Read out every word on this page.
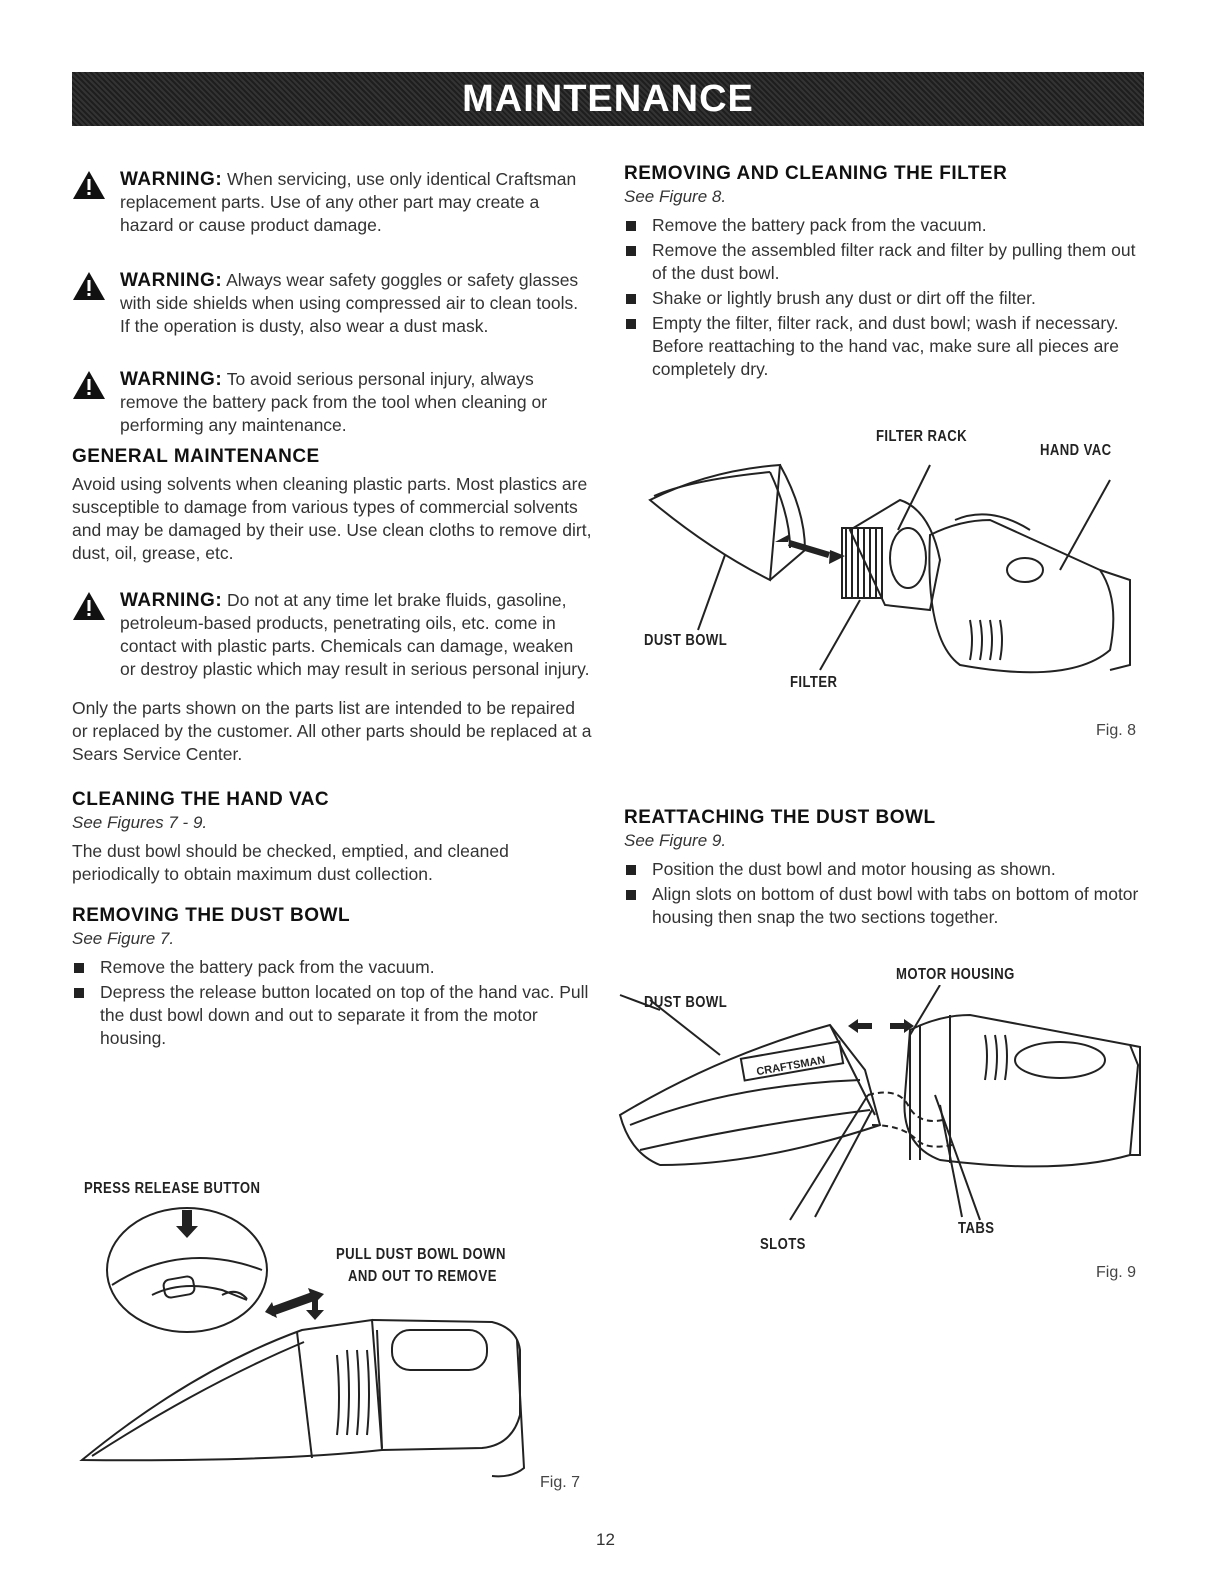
MAINTENANCE

WARNING: When servicing, use only identical Craftsman replacement parts. Use of any other part may create a hazard or cause product damage.

WARNING: Always wear safety goggles or safety glasses with side shields when using compressed air to clean tools. If the operation is dusty, also wear a dust mask.

WARNING: To avoid serious personal injury, always remove the battery pack from the tool when cleaning or performing any maintenance.

GENERAL MAINTENANCE

Avoid using solvents when cleaning plastic parts. Most plastics are susceptible to damage from various types of commercial solvents and may be damaged by their use. Use clean cloths to remove dirt, dust, oil, grease, etc.

WARNING: Do not at any time let brake fluids, gasoline, petroleum-based products, penetrating oils, etc. come in contact with plastic parts. Chemicals can damage, weaken or destroy plastic which may result in serious personal injury.

Only the parts shown on the parts list are intended to be repaired or replaced by the customer. All other parts should be replaced at a Sears Service Center.

CLEANING THE HAND VAC

See Figures 7 - 9.

The dust bowl should be checked, emptied, and cleaned periodically to obtain maximum dust collection.

REMOVING THE DUST BOWL

See Figure 7.

Remove the battery pack from the vacuum.
Depress the release button located on top of the hand vac. Pull the dust bowl down and out to separate it from the motor housing.
PRESS RELEASE BUTTON
PULL DUST BOWL DOWN
AND OUT TO REMOVE
Fig. 7
REMOVING AND CLEANING THE FILTER

See Figure 8.

Remove the battery pack from the vacuum.
Remove the assembled filter rack and filter by pulling them out of the dust bowl.
Shake or lightly brush any dust or dirt off the filter.
Empty the filter, filter rack, and dust bowl; wash if necessary. Before reattaching to the hand vac, make sure all pieces are completely dry.
FILTER RACK
HAND VAC
DUST BOWL
FILTER
Fig. 8
REATTACHING THE DUST BOWL

See Figure 9.

Position the dust bowl and motor housing as shown.
Align slots on bottom of dust bowl with tabs on bottom of motor housing then snap the two sections together.
MOTOR HOUSING
DUST BOWL
SLOTS
TABS
CRAFTSMAN
Fig. 9
12
